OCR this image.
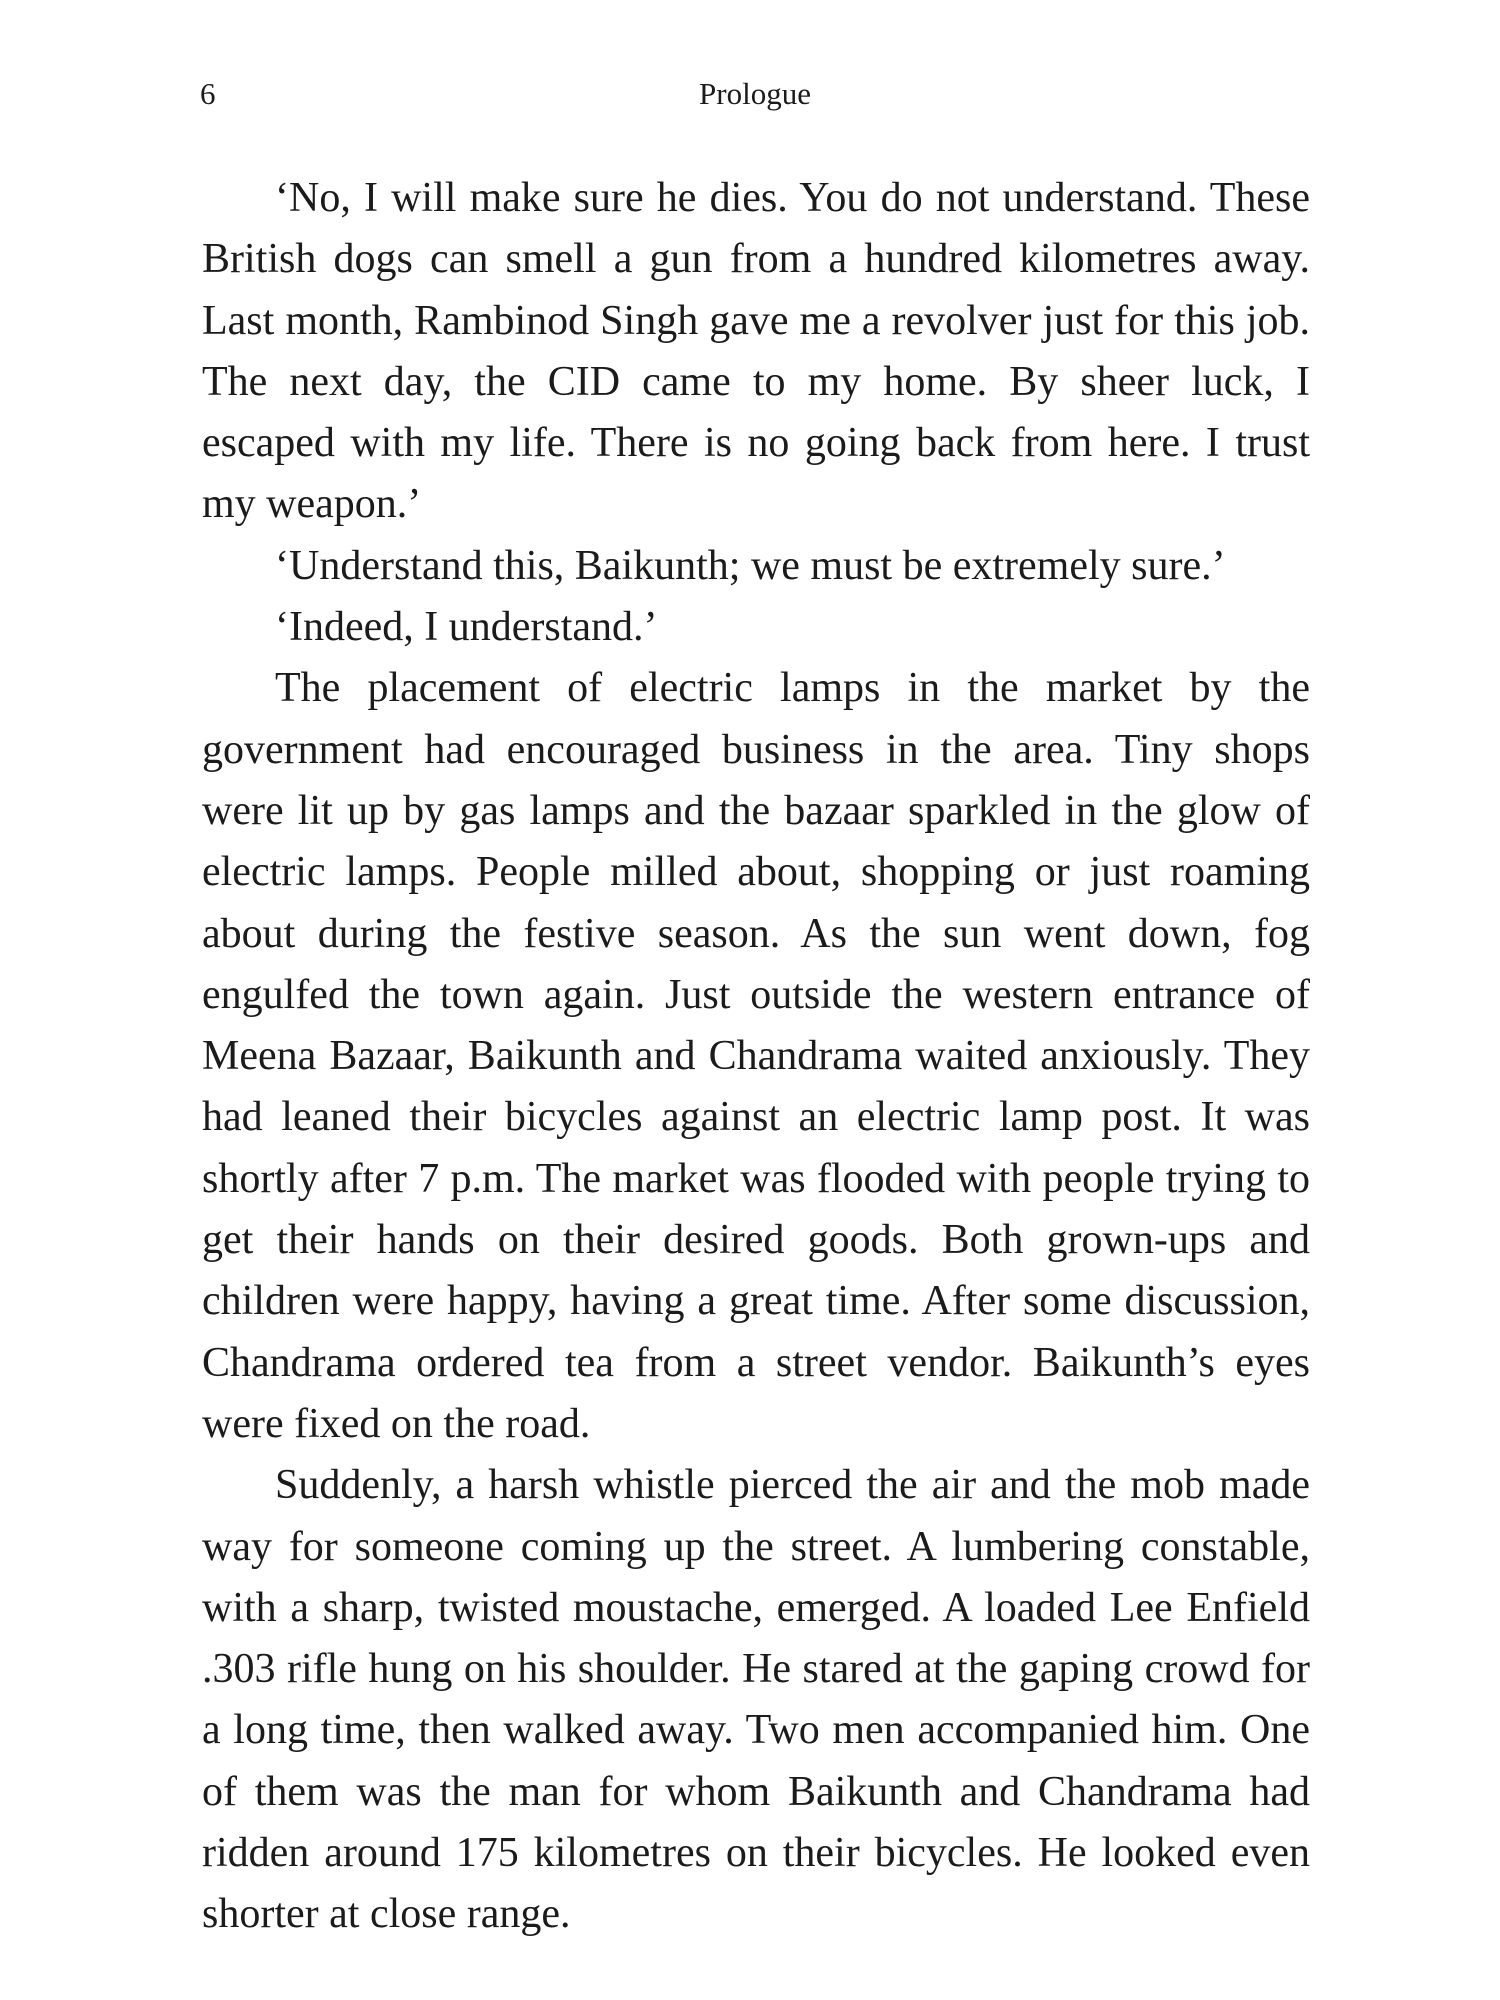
6	Prologue

‘No, I will make sure he dies. You do not understand. These British dogs can smell a gun from a hundred kilometres away. Last month, Rambinod Singh gave me a revolver just for this job. The next day, the CID came to my home. By sheer luck, I escaped with my life. There is no going back from here. I trust my weapon.’

‘Understand this, Baikunth; we must be extremely sure.’

‘Indeed, I understand.’

The placement of electric lamps in the market by the government had encouraged business in the area. Tiny shops were lit up by gas lamps and the bazaar sparkled in the glow of electric lamps. People milled about, shopping or just roaming about during the festive season. As the sun went down, fog engulfed the town again. Just outside the western entrance of Meena Bazaar, Baikunth and Chandrama waited anxiously. They had leaned their bicycles against an electric lamp post. It was shortly after 7 p.m. The market was flooded with people trying to get their hands on their desired goods. Both grown-ups and children were happy, having a great time. After some discussion, Chandrama ordered tea from a street vendor. Baikunth’s eyes were fixed on the road.

Suddenly, a harsh whistle pierced the air and the mob made way for someone coming up the street. A lumbering constable, with a sharp, twisted moustache, emerged. A loaded Lee Enfield .303 rifle hung on his shoulder. He stared at the gaping crowd for a long time, then walked away. Two men accompanied him. One of them was the man for whom Baikunth and Chandrama had ridden around 175 kilometres on their bicycles. He looked even shorter at close range.
